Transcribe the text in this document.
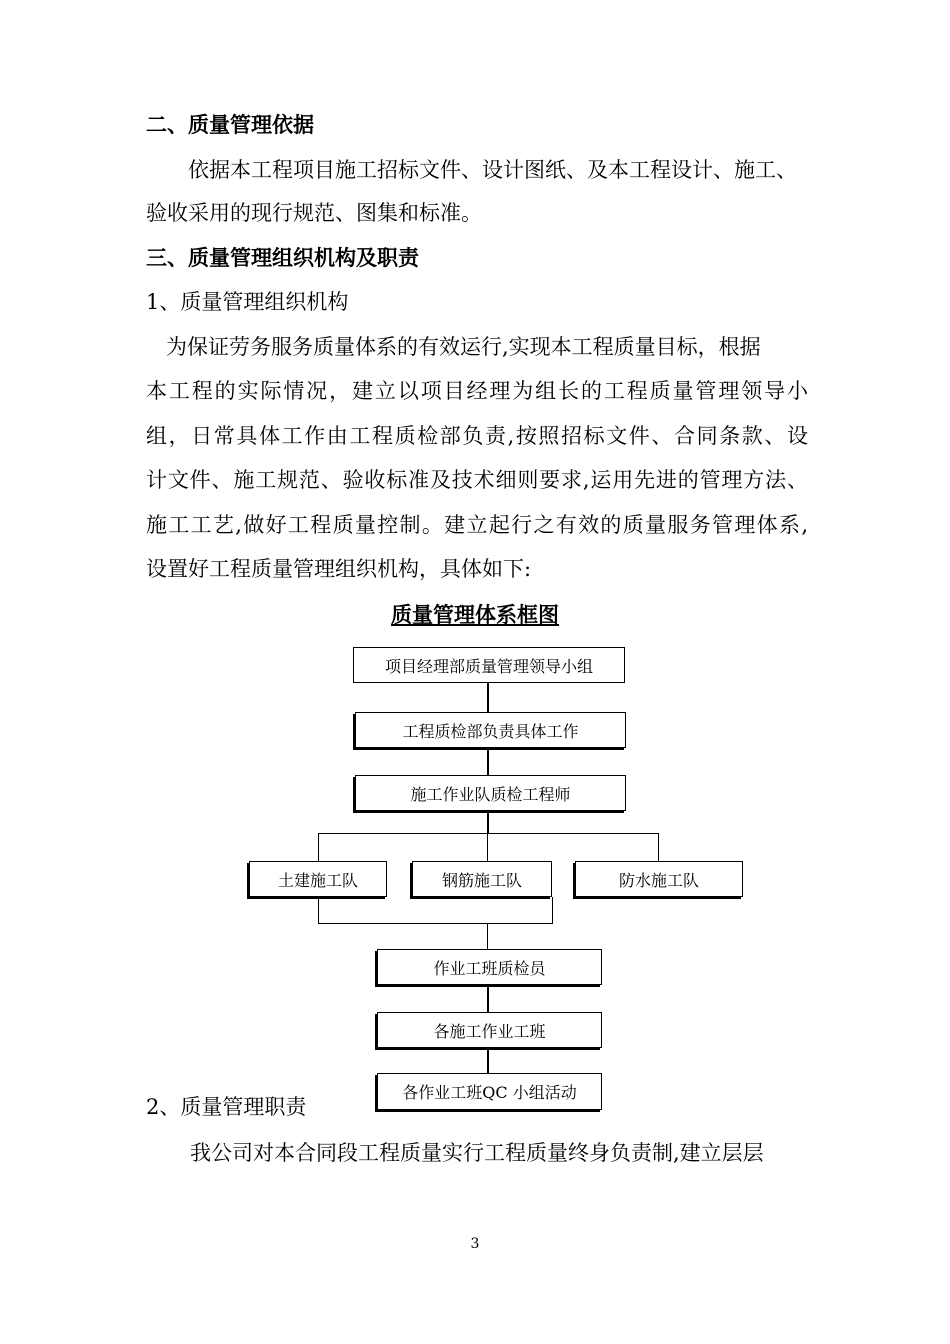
二、质量管理依据
依据本工程项目施工招标文件、设计图纸、及本工程设计、施工、
验收采用的现行规范、图集和标准。
三、质量管理组织机构及职责
1、质量管理组织机构
为保证劳务服务质量体系的有效运行,实现本工程质量目标，根据
本工程的实际情况，建立以项目经理为组长的工程质量管理领导小
组，日常具体工作由工程质检部负责,按照招标文件、合同条款、设
计文件、施工规范、验收标准及技术细则要求,运用先进的管理方法、
施工工艺,做好工程质量控制。建立起行之有效的质量服务管理体系,
设置好工程质量管理组织机构，具体如下:
质量管理体系框图
项目经理部质量管理领导小组
工程质检部负责具体工作
施工作业队质检工程师
土建施工队	钢筋施工队	防水施工队
作业工班质检员
各施工作业工班
各作业工班QC 小组活动
2、质量管理职责
我公司对本合同段工程质量实行工程质量终身负责制,建立层层
3
